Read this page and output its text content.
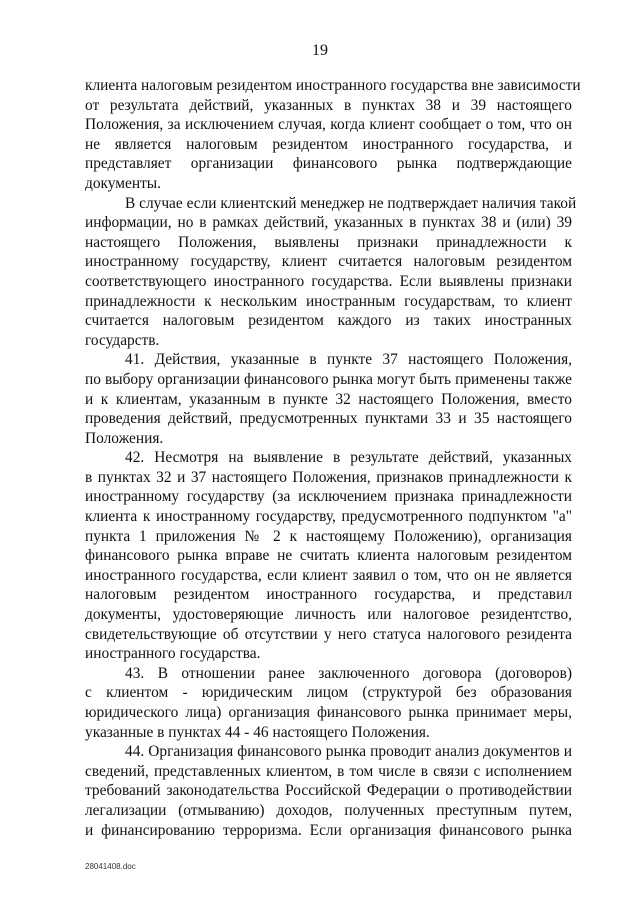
19
клиента налоговым резидентом иностранного государства вне зависимости
от результата действий, указанных в пунктах 38 и 39 настоящего
Положения, за исключением случая, когда клиент сообщает о том, что он
не является налоговым резидентом иностранного государства, и
представляет организации финансового рынка подтверждающие
документы.
В случае если клиентский менеджер не подтверждает наличия такой
информации, но в рамках действий, указанных в пунктах 38 и (или) 39
настоящего Положения, выявлены признаки принадлежности к
иностранному государству, клиент считается налоговым резидентом
соответствующего иностранного государства. Если выявлены признаки
принадлежности к нескольким иностранным государствам, то клиент
считается налоговым резидентом каждого из таких иностранных
государств.
41. Действия, указанные в пункте 37 настоящего Положения,
по выбору организации финансового рынка могут быть применены также
и к клиентам, указанным в пункте 32 настоящего Положения, вместо
проведения действий, предусмотренных пунктами 33 и 35 настоящего
Положения.
42. Несмотря на выявление в результате действий, указанных
в пунктах 32 и 37 настоящего Положения, признаков принадлежности к
иностранному государству (за исключением признака принадлежности
клиента к иностранному государству, предусмотренного подпунктом "а"
пункта 1 приложения № 2 к настоящему Положению), организация
финансового рынка вправе не считать клиента налоговым резидентом
иностранного государства, если клиент заявил о том, что он не является
налоговым резидентом иностранного государства, и представил
документы, удостоверяющие личность или налоговое резидентство,
свидетельствующие об отсутствии у него статуса налогового резидента
иностранного государства.
43. В отношении ранее заключенного договора (договоров)
с клиентом - юридическим лицом (структурой без образования
юридического лица) организация финансового рынка принимает меры,
указанные в пунктах 44 - 46 настоящего Положения.
44. Организация финансового рынка проводит анализ документов и
сведений, представленных клиентом, в том числе в связи с исполнением
требований законодательства Российской Федерации о противодействии
легализации (отмыванию) доходов, полученных преступным путем,
и финансированию терроризма. Если организация финансового рынка
28041408.doc
